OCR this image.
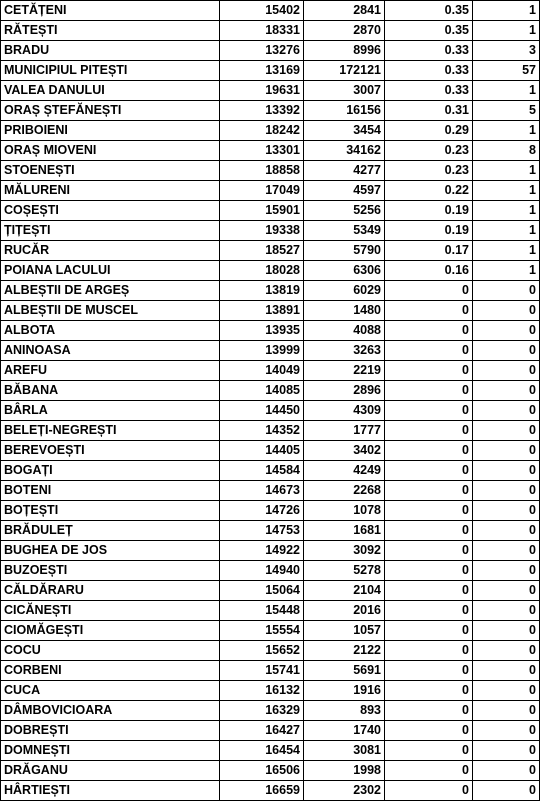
CETĂȚENI	15402	2841	0.35	1
RĂTEȘTI	18331	2870	0.35	1
BRADU	13276	8996	0.33	3
MUNICIPIUL PITEȘTI	13169	172121	0.33	57
VALEA DANULUI	19631	3007	0.33	1
ORAȘ ȘTEFĂNEȘTI	13392	16156	0.31	5
PRIBOIENI	18242	3454	0.29	1
ORAȘ MIOVENI	13301	34162	0.23	8
STOENEȘTI	18858	4277	0.23	1
MĂLURENI	17049	4597	0.22	1
COȘEȘTI	15901	5256	0.19	1
ȚIȚEȘTI	19338	5349	0.19	1
RUCĂR	18527	5790	0.17	1
POIANA LACULUI	18028	6306	0.16	1
ALBEȘTII DE ARGEȘ	13819	6029	0	0
ALBEȘTII DE MUSCEL	13891	1480	0	0
ALBOTA	13935	4088	0	0
ANINOASA	13999	3263	0	0
AREFU	14049	2219	0	0
BĂBANA	14085	2896	0	0
BÂRLA	14450	4309	0	0
BELEȚI-NEGREȘTI	14352	1777	0	0
BEREVOEȘTI	14405	3402	0	0
BOGAȚI	14584	4249	0	0
BOTENI	14673	2268	0	0
BOȚEȘTI	14726	1078	0	0
BRĂDULEȚ	14753	1681	0	0
BUGHEA DE JOS	14922	3092	0	0
BUZOEȘTI	14940	5278	0	0
CĂLDĂRARU	15064	2104	0	0
CICĂNEȘTI	15448	2016	0	0
CIOMĂGEȘTI	15554	1057	0	0
COCU	15652	2122	0	0
CORBENI	15741	5691	0	0
CUCA	16132	1916	0	0
DÂMBOVICIOARA	16329	893	0	0
DOBREȘTI	16427	1740	0	0
DOMNEȘTI	16454	3081	0	0
DRĂGANU	16506	1998	0	0
HÂRTIEȘTI	16659	2302	0	0
